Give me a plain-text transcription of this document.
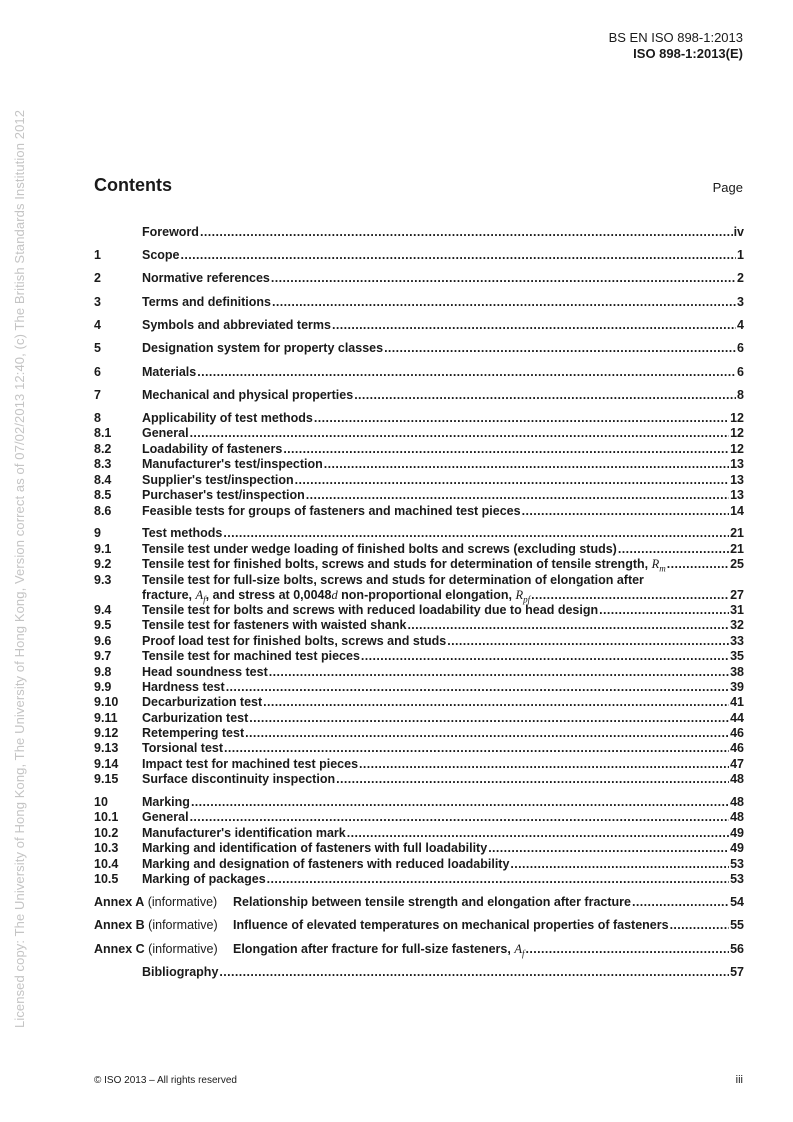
BS EN ISO 898-1:2013
ISO 898-1:2013(E)
Licensed copy: The University of Hong Kong, The University of Hong Kong, Version correct as of 07/02/2013 12:40, (c) The British Standards Institution 2012	Contents	Page
Foreword .....	iv
1	Scope .....	1
2	Normative references .....	2
3	Terms and definitions .....	3
4	Symbols and abbreviated terms .....	4
5	Designation system for property classes .....	6
6	Materials .....	6
7	Mechanical and physical properties .....	8
8	Applicability of test methods .....	12
8.1	General .....	12
8.2	Loadability of fasteners .....	12
8.3	Manufacturer's test/inspection .....	13
8.4	Supplier's test/inspection .....	13
8.5	Purchaser's test/inspection .....	13
8.6	Feasible tests for groups of fasteners and machined test pieces .....	14
9	Test methods .....	21
9.1	Tensile test under wedge loading of finished bolts and screws (excluding studs) .....	21
9.2	Tensile test for finished bolts, screws and studs for determination of tensile strength, $R_m$ .....	25
9.3	Tensile test for full-size bolts, screws and studs for determination of elongation after
fracture, $A_f$, and stress at 0,0048d non-proportional elongation, $R_{pf}$ .....	27
9.4	Tensile test for bolts and screws with reduced loadability due to head design .....	31
9.5	Tensile test for fasteners with waisted shank .....	32
9.6	Proof load test for finished bolts, screws and studs .....	33
9.7	Tensile test for machined test pieces .....	35
9.8	Head soundness test .....	38
9.9	Hardness test .....	39
9.10	Decarburization test .....	41
9.11	Carburization test .....	44
9.12	Retempering test .....	46
9.13	Torsional test .....	46
9.14	Impact test for machined test pieces .....	47
9.15	Surface discontinuity inspection .....	48
10	Marking .....	48
10.1	General .....	48
10.2	Manufacturer's identification mark .....	49
10.3	Marking and identification of fasteners with full loadability .....	49
10.4	Marking and designation of fasteners with reduced loadability .....	53
10.5	Marking of packages .....	53
Annex A (informative)	Relationship between tensile strength and elongation after fracture .....	54
Annex B (informative)	Influence of elevated temperatures on mechanical properties of fasteners .....	55
Annex C (informative)	Elongation after fracture for full-size fasteners, $A_f$ .....	56
Bibliography .....	57
© ISO 2013 – All rights reserved	iii
